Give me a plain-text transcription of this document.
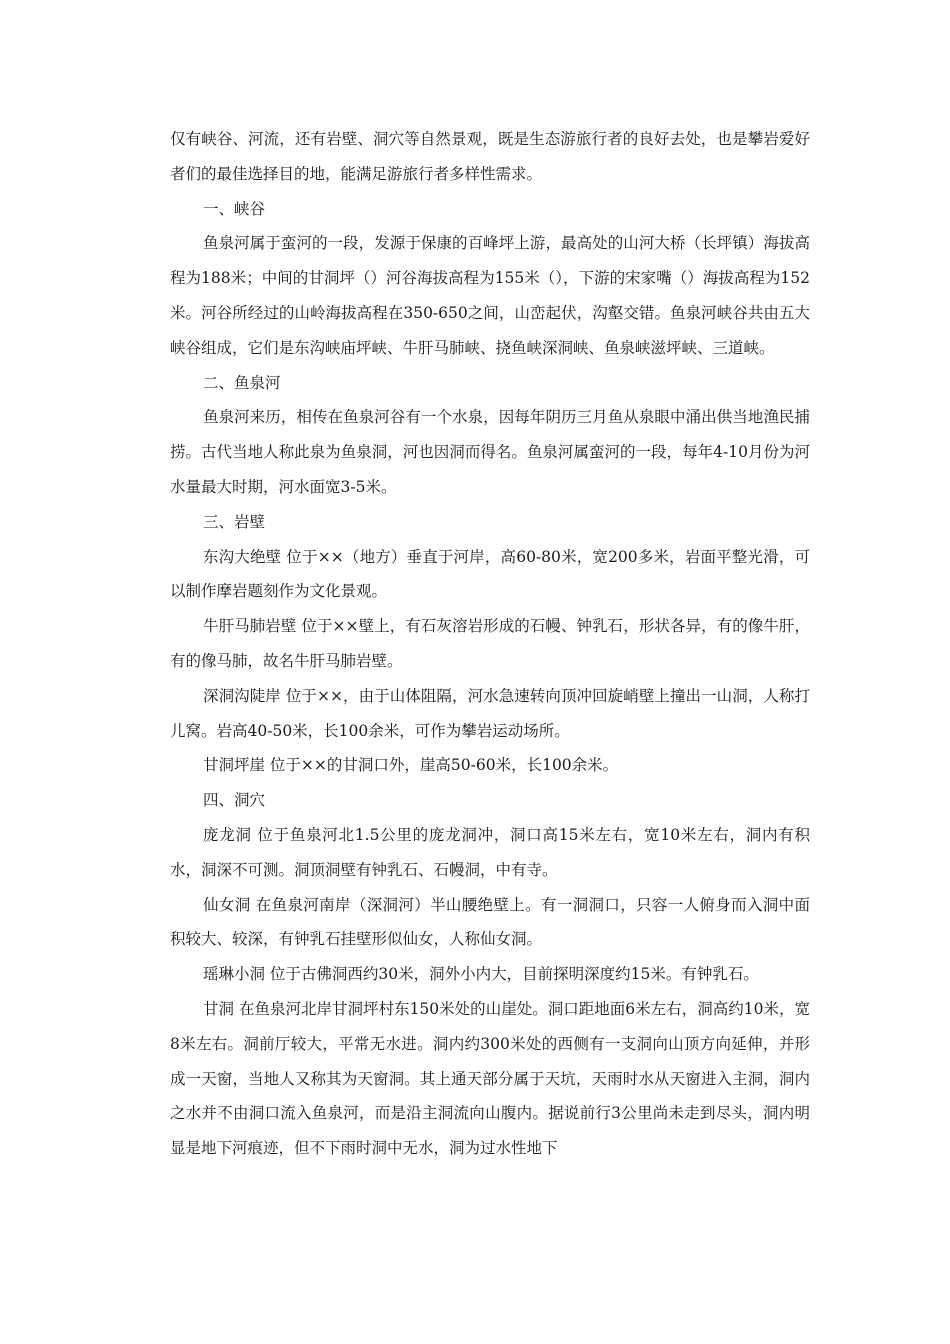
仅有峡谷、河流，还有岩壁、洞穴等自然景观，既是生态游旅行者的良好去处，也是攀岩爱好者们的最佳选择目的地，能满足游旅行者多样性需求。

一、峡谷

鱼泉河属于蛮河的一段，发源于保康的百峰坪上游，最高处的山河大桥（长坪镇）海拔高程为188米；中间的甘洞坪（）河谷海拔高程为155米（），下游的宋家嘴（）海拔高程为152米。河谷所经过的山岭海拔高程在350-650之间，山峦起伏，沟壑交错。鱼泉河峡谷共由五大峡谷组成，它们是东沟峡庙坪峡、牛肝马肺峡、挠鱼峡深洞峡、鱼泉峡滋坪峡、三道峡。

二、鱼泉河

鱼泉河来历，相传在鱼泉河谷有一个水泉，因每年阴历三月鱼从泉眼中涌出供当地渔民捕捞。古代当地人称此泉为鱼泉洞，河也因洞而得名。鱼泉河属蛮河的一段，每年4-10月份为河水量最大时期，河水面宽3-5米。

三、岩壁

东沟大绝壁 位于××（地方）垂直于河岸，高60-80米，宽200多米，岩面平整光滑，可以制作摩岩题刻作为文化景观。

牛肝马肺岩壁 位于××壁上，有石灰溶岩形成的石幔、钟乳石，形状各异，有的像牛肝，有的像马肺，故名牛肝马肺岩壁。

深洞沟陡岸 位于××，由于山体阻隔，河水急速转向顶冲回旋峭壁上撞出一山洞，人称打儿窝。岩高40-50米，长100余米，可作为攀岩运动场所。

甘洞坪崖 位于××的甘洞口外，崖高50-60米，长100余米。

四、洞穴

庞龙洞 位于鱼泉河北1.5公里的庞龙洞冲，洞口高15米左右，宽10米左右，洞内有积水，洞深不可测。洞顶洞壁有钟乳石、石幔洞，中有寺。

仙女洞 在鱼泉河南岸（深洞河）半山腰绝壁上。有一洞洞口，只容一人俯身而入洞中面积较大、较深，有钟乳石挂壁形似仙女，人称仙女洞。

瑶琳小洞 位于古佛洞西约30米，洞外小内大，目前探明深度约15米。有钟乳石。

甘洞 在鱼泉河北岸甘洞坪村东150米处的山崖处。洞口距地面6米左右，洞高约10米，宽8米左右。洞前厅较大，平常无水进。洞内约300米处的西侧有一支洞向山顶方向延伸，并形成一天窗，当地人又称其为天窗洞。其上通天部分属于天坑，天雨时水从天窗进入主洞，洞内之水并不由洞口流入鱼泉河，而是沿主洞流向山腹内。据说前行3公里尚未走到尽头，洞内明显是地下河痕迹，但不下雨时洞中无水，洞为过水性地下
